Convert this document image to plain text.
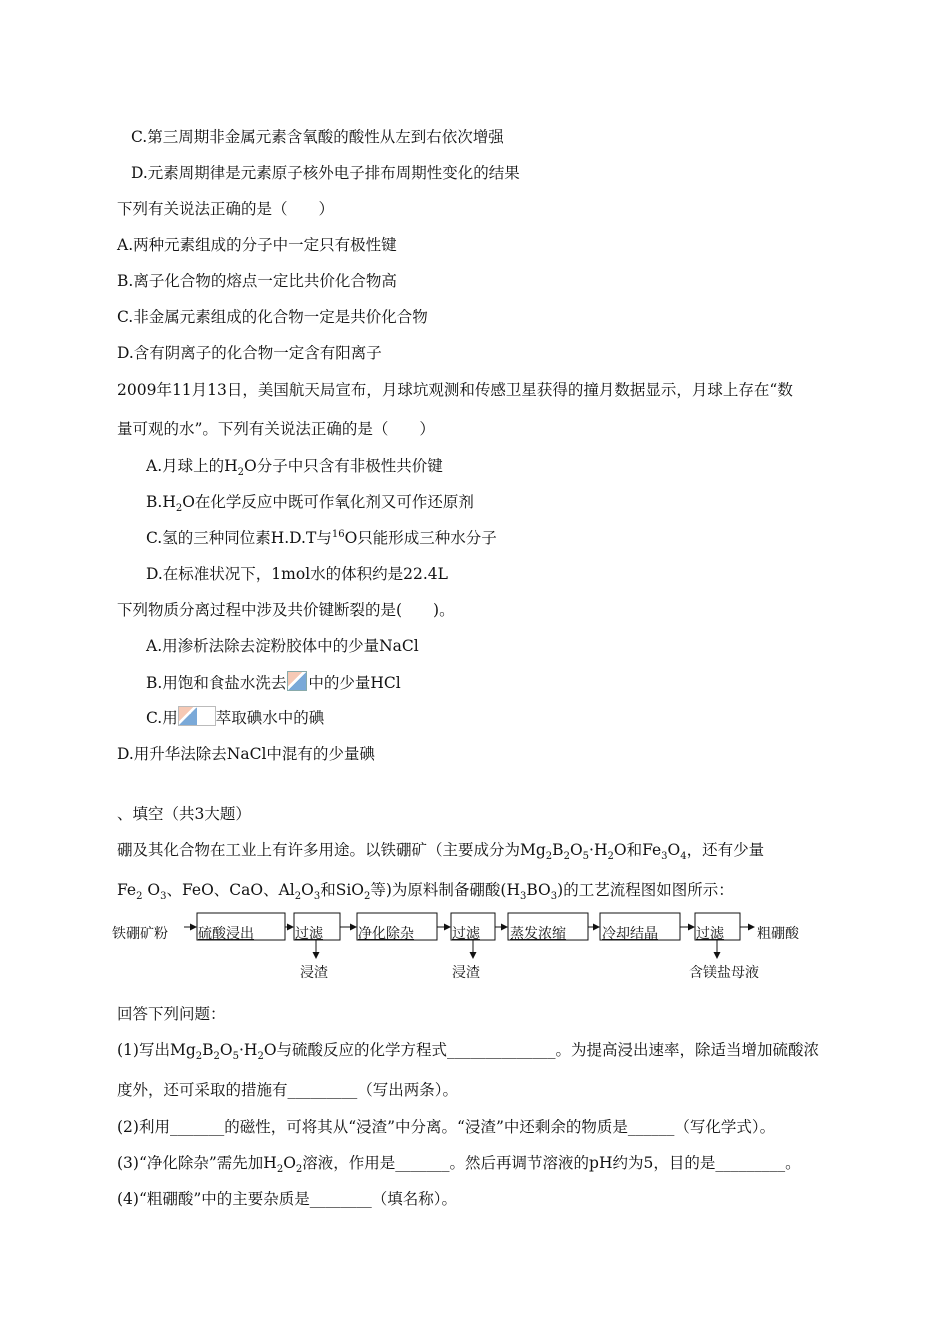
C.第三周期非金属元素含氧酸的酸性从左到右依次增强
D.元素周期律是元素原子核外电子排布周期性变化的结果
下列有关说法正确的是（　　）
A.两种元素组成的分子中一定只有极性键
B.离子化合物的熔点一定比共价化合物高
C.非金属元素组成的化合物一定是共价化合物
D.含有阴离子的化合物一定含有阳离子
2009年11月13日，美国航天局宣布，月球坑观测和传感卫星获得的撞月数据显示，月球上存在“数
量可观的水”。下列有关说法正确的是（　　）
A.月球上的$H_2O$分子中只含有非极性共价键
$B.H_2O$在化学反应中既可作氧化剂又可作还原剂
C.氢的三种同位素H.D.T与$^{16}$O只能形成三种水分子
D.在标准状况下，1mol水的体积约是22.4L
下列物质分离过程中涉及共价键断裂的是(　　)。
A.用渗析法除去淀粉胶体中的少量NaCl
B.用饱和食盐水洗去 中的少量HCl
C.用 萃取碘水中的碘
D.用升华法除去NaCl中混有的少量碘
、填空（共3大题）
硼及其化合物在工业上有许多用途。以铁硼矿（主要成分为$Mg_2B_2O_5\cdot H_2O$和$Fe_3O_4$，还有少量
$Fe_2$ $O_3$、FeO、CaO、$Al_2O_3$和SiO$_2$等)为原料制备硼酸$(H_3BO_3)$的工艺流程图如图所示：
铁硼矿粉 硫酸浸出	过滤	净化除杂	过滤 蒸发浓缩	冷却结晶	过滤 粗硼酸
浸渣	浸渣	含镁盐母液
回答下列问题：
(1)写出$Mg_2B_2O_5\cdot H_2O$与硫酸反应的化学方程式______________。为提高浸出速率，除适当增加硫酸浓
度外，还可采取的措施有_________（写出两条）。
(2)利用_______的磁性，可将其从“浸渣”中分离。“浸渣”中还剩余的物质是______（写化学式）。
(3)“净化除杂”需先加$H_2O_2$溶液，作用是_______。然后再调节溶液的pH约为5，目的是_________。
(4)“粗硼酸”中的主要杂质是________（填名称）。
